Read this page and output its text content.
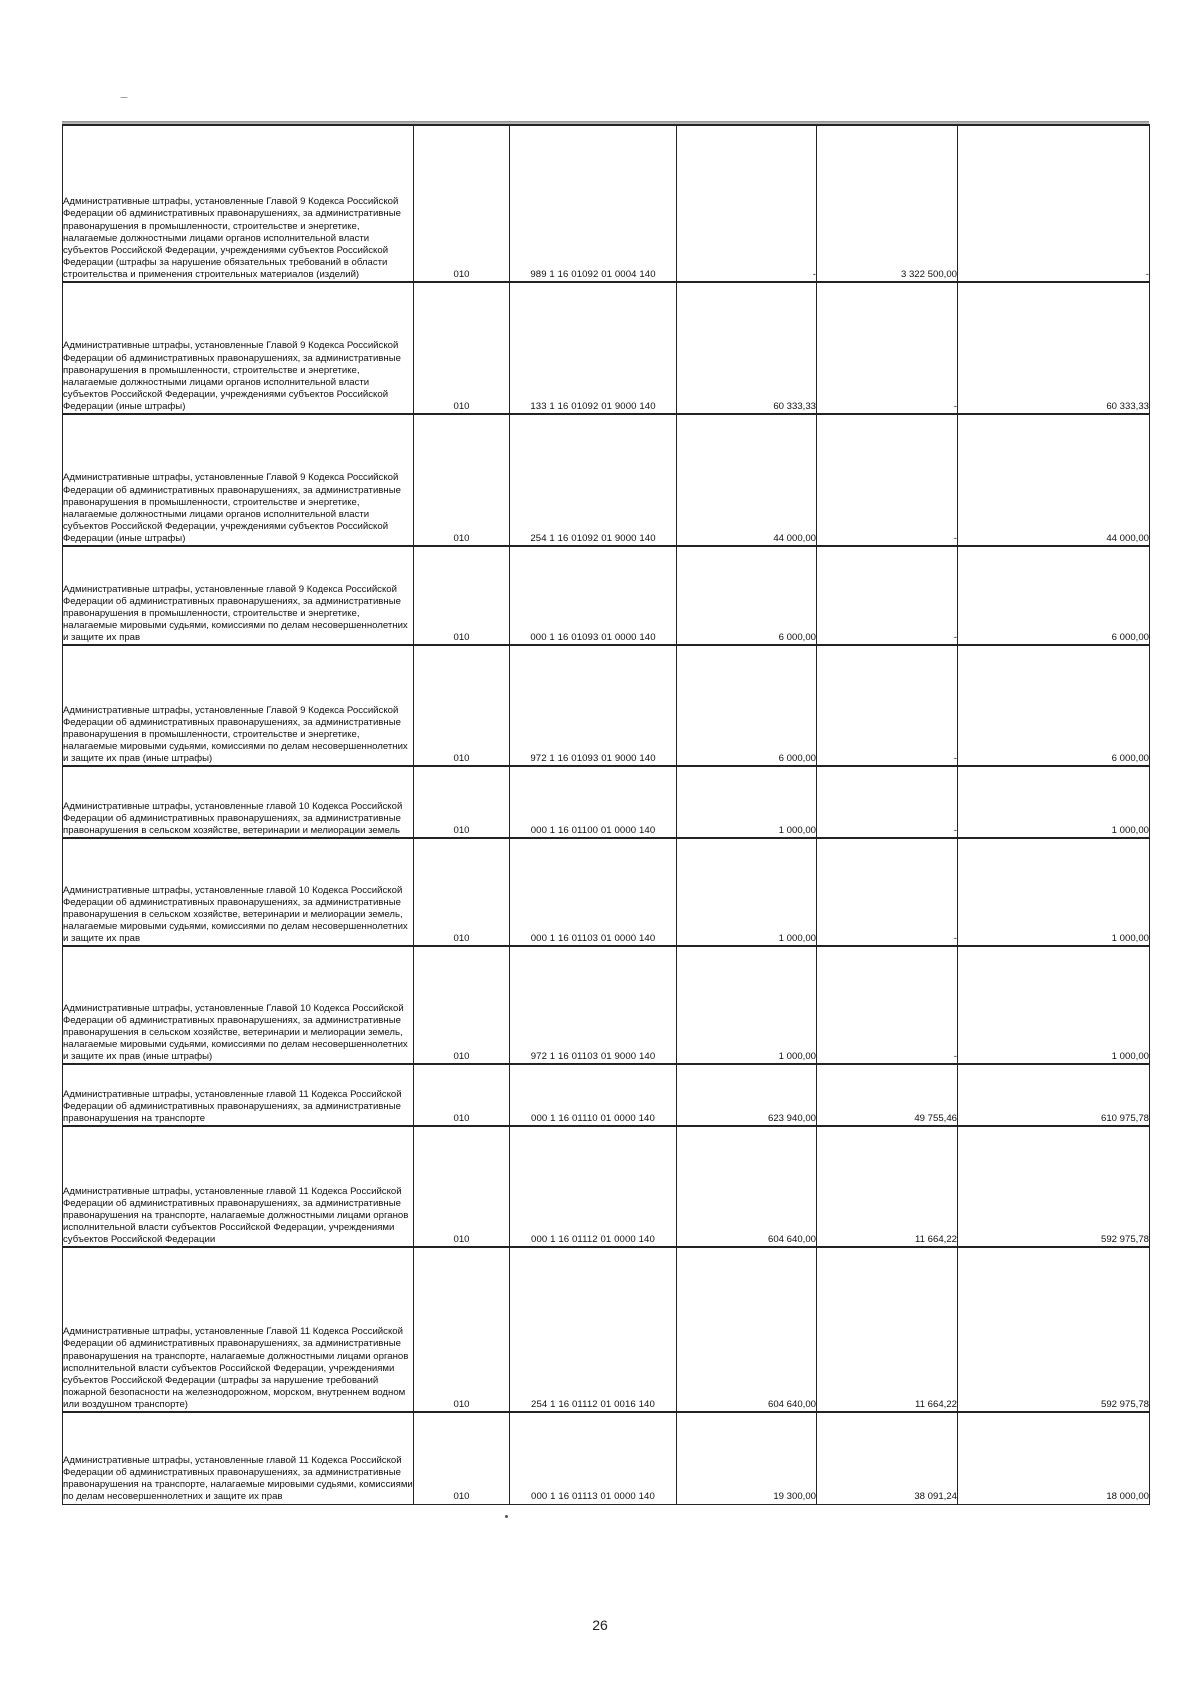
Административные штрафы, установленные Главой 9 Кодекса Российской Федерации об административных правонарушениях, за административные правонарушения в промышленности, строительстве и энергетике, налагаемые должностными лицами органов исполнительной власти субъектов Российской Федерации, учреждениями субъектов Российской Федерации (штрафы за нарушение обязательных требований в области строительства и применения строительных материалов (изделий)	010	989 1 16 01092 01 0004 140	-	3 322 500,00	-
Административные штрафы, установленные Главой 9 Кодекса Российской Федерации об административных правонарушениях, за административные правонарушения в промышленности, строительстве и энергетике, налагаемые должностными лицами органов исполнительной власти субъектов Российской Федерации, учреждениями субъектов Российской Федерации (иные штрафы)	010	133 1 16 01092 01 9000 140	60 333,33	-	60 333,33
Административные штрафы, установленные Главой 9 Кодекса Российской Федерации об административных правонарушениях, за административные правонарушения в промышленности, строительстве и энергетике, налагаемые должностными лицами органов исполнительной власти субъектов Российской Федерации, учреждениями субъектов Российской Федерации (иные штрафы)	010	254 1 16 01092 01 9000 140	44 000,00	-	44 000,00
Административные штрафы, установленные главой 9 Кодекса Российской Федерации об административных правонарушениях, за административные правонарушения в промышленности, строительстве и энергетике, налагаемые мировыми судьями, комиссиями по делам несовершеннолетних и защите их прав	010	000 1 16 01093 01 0000 140	6 000,00	-	6 000,00
Административные штрафы, установленные Главой 9 Кодекса Российской Федерации об административных правонарушениях, за административные правонарушения в промышленности, строительстве и энергетике, налагаемые мировыми судьями, комиссиями по делам несовершеннолетних и защите их прав (иные штрафы)	010	972 1 16 01093 01 9000 140	6 000,00	-	6 000,00
Административные штрафы, установленные главой 10 Кодекса Российской Федерации об административных правонарушениях, за административные правонарушения в сельском хозяйстве, ветеринарии и мелиорации земель	010	000 1 16 01100 01 0000 140	1 000,00	-	1 000,00
Административные штрафы, установленные главой 10 Кодекса Российской Федерации об административных правонарушениях, за административные правонарушения в сельском хозяйстве, ветеринарии и мелиорации земель, налагаемые мировыми судьями, комиссиями по делам несовершеннолетних и защите их прав	010	000 1 16 01103 01 0000 140	1 000,00	-	1 000,00
Административные штрафы, установленные Главой 10 Кодекса Российской Федерации об административных правонарушениях, за административные правонарушения в сельском хозяйстве, ветеринарии и мелиорации земель, налагаемые мировыми судьями, комиссиями по делам несовершеннолетних и защите их прав (иные штрафы)	010	972 1 16 01103 01 9000 140	1 000,00	-	1 000,00
Административные штрафы, установленные главой 11 Кодекса Российской Федерации об административных правонарушениях, за административные правонарушения на транспорте	010	000 1 16 01110 01 0000 140	623 940,00	49 755,46	610 975,78
Административные штрафы, установленные главой 11 Кодекса Российской Федерации об административных правонарушениях, за административные правонарушения на транспорте, налагаемые должностными лицами органов исполнительной власти субъектов Российской Федерации, учреждениями субъектов Российской Федерации	010	000 1 16 01112 01 0000 140	604 640,00	11 664,22	592 975,78
Административные штрафы, установленные Главой 11 Кодекса Российской Федерации об административных правонарушениях, за административные правонарушения на транспорте, налагаемые должностными лицами органов исполнительной власти субъектов Российской Федерации, учреждениями субъектов Российской Федерации (штрафы за нарушение требований пожарной безопасности на железнодорожном, морском, внутреннем водном или воздушном транспорте)	010	254 1 16 01112 01 0016 140	604 640,00	11 664,22	592 975,78
Административные штрафы, установленные главой 11 Кодекса Российской Федерации об административных правонарушениях, за административные правонарушения на транспорте, налагаемые мировыми судьями, комиссиями по делам несовершеннолетних и защите их прав	010	000 1 16 01113 01 0000 140	19 300,00	38 091,24	18 000,00
26
